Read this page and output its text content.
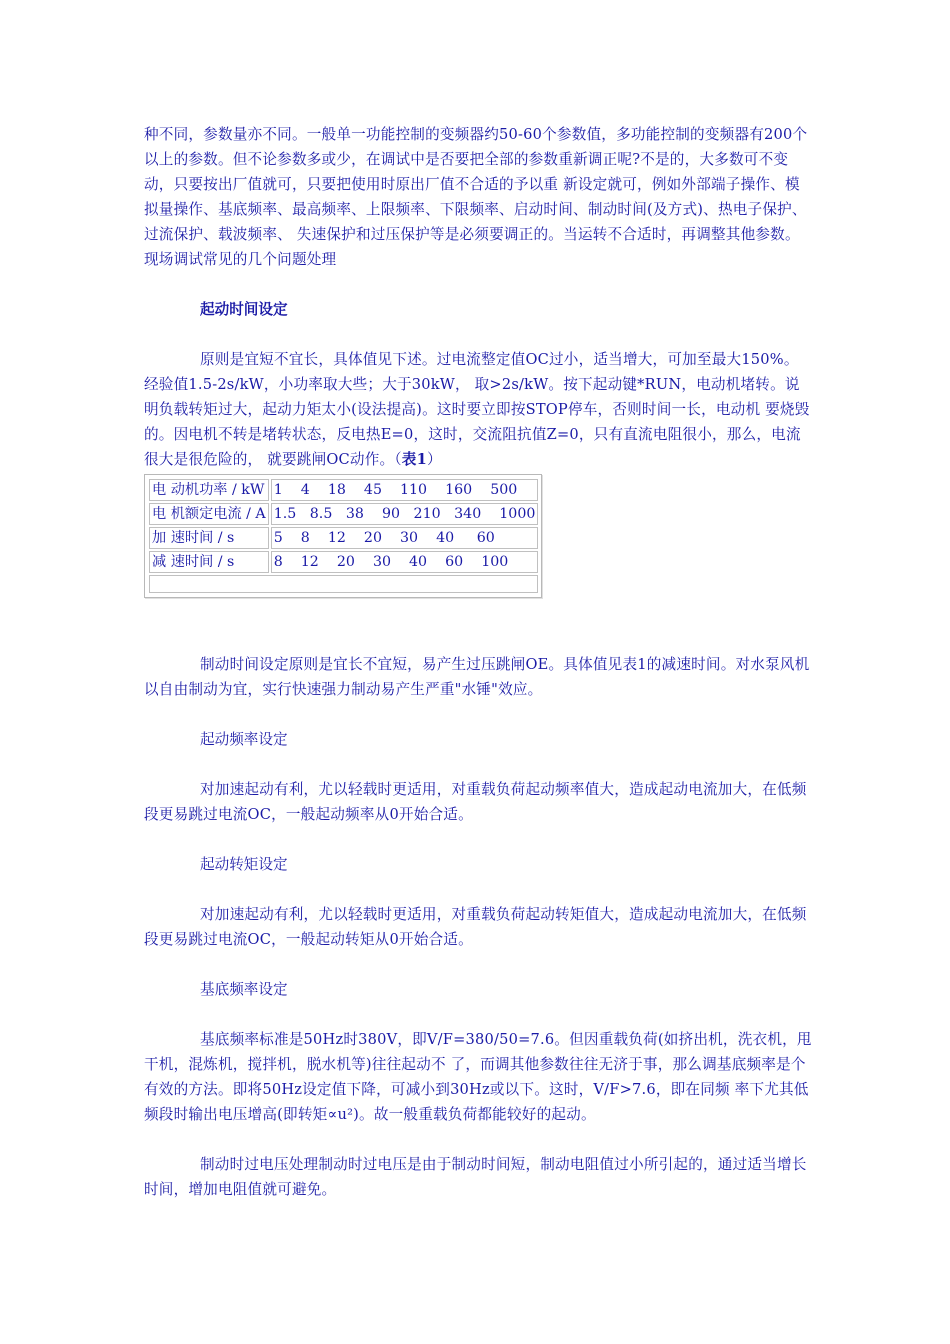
种不同，参数量亦不同。一般单一功能控制的变频器约50-60个参数值，多功能控制的变频器有200个 以上的参数。但不论参数多或少，在调试中是否要把全部的参数重新调正呢?不是的，大多数可不变动，只要按出厂值就可，只要把使用时原出厂值不合适的予以重 新设定就可，例如外部端子操作、模拟量操作、基底频率、最高频率、上限频率、下限频率、启动时间、制动时间(及方式)、热电子保护、过流保护、载波频率、 失速保护和过压保护等是必须要调正的。当运转不合适时，再调整其他参数。

现场调试常见的几个问题处理

起动时间设定

原则是宜短不宜长，具体值见下述。过电流整定值OC过小，适当增大，可加至最大150%。经验值1.5-2s/kW，小功率取大些；大于30kW， 取>2s/kW。按下起动键*RUN，电动机堵转。说明负载转矩过大，起动力矩太小(设法提高)。这时要立即按STOP停车，否则时间一长，电动机 要烧毁的。因电机不转是堵转状态，反电热E=0，这时，交流阻抗值Z=0，只有直流电阻很小，那么，电流很大是很危险的， 就要跳闸OC动作。（表1）

电 动机功率 / kW	1    4    18    45    110    160    500
电 机额定电流 / A	1.5   8.5   38    90   210   340    1000
加 速时间 / s	5    8    12    20    30    40     60
减 速时间 / s	8    12    20    30    40    60    100

制动时间设定原则是宜长不宜短，易产生过压跳闸OE。具体值见表1的减速时间。对水泵风机以自由制动为宜，实行快速强力制动易产生严重"水锤"效应。

起动频率设定

对加速起动有利，尤以轻载时更适用，对重载负荷起动频率值大，造成起动电流加大，在低频段更易跳过电流OC，一般起动频率从0开始合适。

起动转矩设定

对加速起动有利，尤以轻载时更适用，对重载负荷起动转矩值大，造成起动电流加大，在低频段更易跳过电流OC，一般起动转矩从0开始合适。

基底频率设定

基底频率标准是50Hz时380V，即V/F=380/50=7.6。但因重载负荷(如挤出机，洗衣机，甩干机，混炼机，搅拌机，脱水机等)往往起动不 了，而调其他参数往往无济于事，那么调基底频率是个有效的方法。即将50Hz设定值下降，可减小到30Hz或以下。这时，V/F>7.6，即在同频 率下尤其低频段时输出电压增高(即转矩∝u²)。故一般重载负荷都能较好的起动。

制动时过电压处理制动时过电压是由于制动时间短，制动电阻值过小所引起的，通过适当增长时间，增加电阻值就可避免。
